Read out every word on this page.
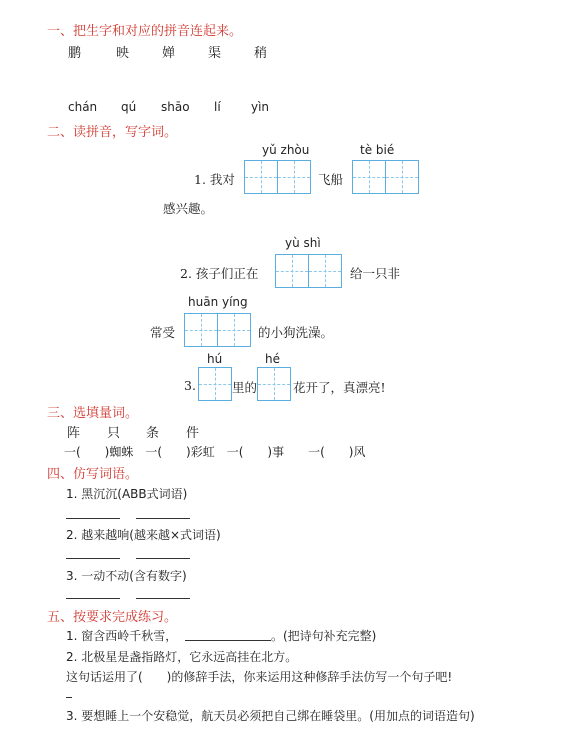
一、把生字和对应的拼音连起来。
鹏	映	婵	渠	稍
chán qú shāo lí	yìn
二、读拼音，写字词。
yǔ zhòu	tè bié
1. 我对	飞船
感兴趣。
yù shì
2. 孩子们正在	给一只非
huān yíng
常受	的小狗洗澡。
hú	hé
3.	里的	花开了，真漂亮!
三、选填量词。
阵 只 条 件
一(　　)蜘蛛　一(　　)彩虹　一(　　)事　　一(　　)风
四、仿写词语。
1. 黑沉沉(ABB式词语)
2. 越来越响(越来越×式词语)
3. 一动不动(含有数字)
五、按要求完成练习。
1. 窗含西岭千秋雪，	。(把诗句补充完整)
2. 北极星是盏指路灯，它永远高挂在北方。
这句话运用了(　　)的修辞手法，你来运用这种修辞手法仿写一个句子吧!
3. 要想睡上一个安稳觉，航天员必须把自己绑在睡袋里。(用加点的词语造句)
